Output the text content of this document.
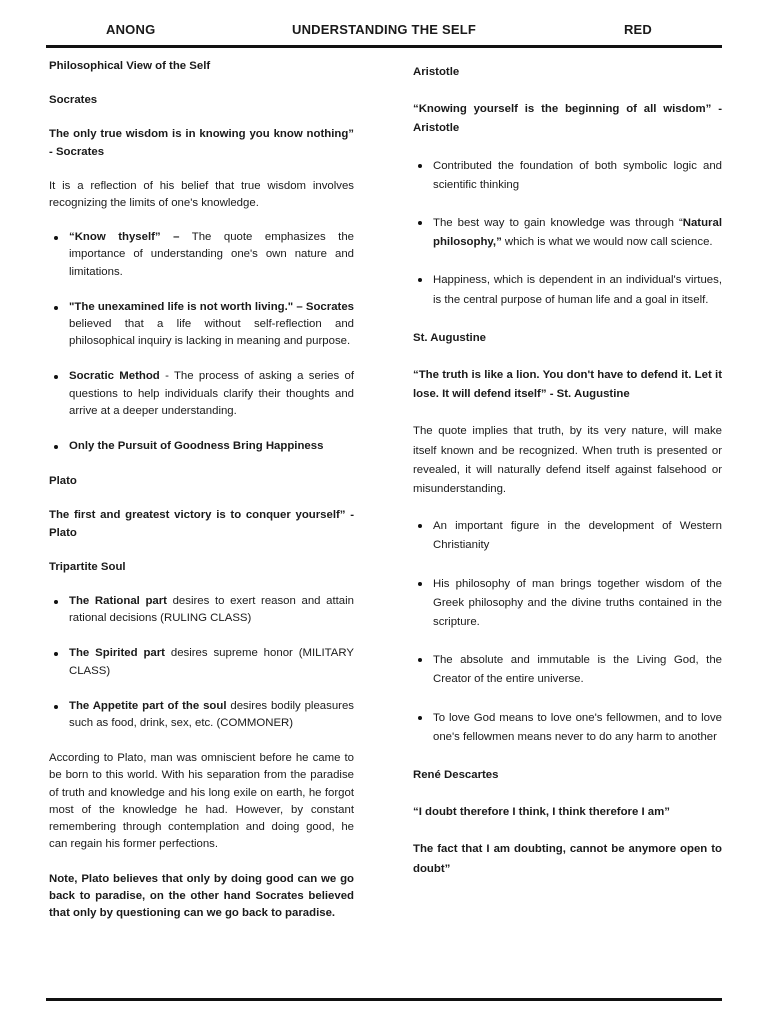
ANONG	UNDERSTANDING THE SELF	RED

Philosophical View of the Self

Socrates

The only true wisdom is in knowing you know nothing” - Socrates

It is a reflection of his belief that true wisdom involves recognizing the limits of one's knowledge.

“Know thyself” – The quote emphasizes the importance of understanding one's own nature and limitations.
"The unexamined life is not worth living." – Socrates believed that a life without self-reflection and philosophical inquiry is lacking in meaning and purpose.
Socratic Method - The process of asking a series of questions to help individuals clarify their thoughts and arrive at a deeper understanding.
Only the Pursuit of Goodness Bring Happiness

Plato

The first and greatest victory is to conquer yourself” - Plato

Tripartite Soul

The Rational part desires to exert reason and attain rational decisions (RULING CLASS)
The Spirited part desires supreme honor (MILITARY CLASS)
The Appetite part of the soul desires bodily pleasures such as food, drink, sex, etc. (COMMONER)

According to Plato, man was omniscient before he came to be born to this world. With his separation from the paradise of truth and knowledge and his long exile on earth, he forgot most of the knowledge he had. However, by constant remembering through contemplation and doing good, he can regain his former perfections.

Note, Plato believes that only by doing good can we go back to paradise, on the other hand Socrates believed that only by questioning can we go back to paradise.

Aristotle

“Knowing yourself is the beginning of all wisdom” - Aristotle

Contributed the foundation of both symbolic logic and scientific thinking
The best way to gain knowledge was through “Natural philosophy,” which is what we would now call science.
Happiness, which is dependent in an individual's virtues, is the central purpose of human life and a goal in itself.

St. Augustine

“The truth is like a lion. You don't have to defend it. Let it lose. It will defend itself” - St. Augustine

The quote implies that truth, by its very nature, will make itself known and be recognized. When truth is presented or revealed, it will naturally defend itself against falsehood or misunderstanding.

An important figure in the development of Western Christianity
His philosophy of man brings together wisdom of the Greek philosophy and the divine truths contained in the scripture.
The absolute and immutable is the Living God, the Creator of the entire universe.
To love God means to love one's fellowmen, and to love one's fellowmen means never to do any harm to another

René Descartes

“I doubt therefore I think, I think therefore I am”

The fact that I am doubting, cannot be anymore open to doubt”
